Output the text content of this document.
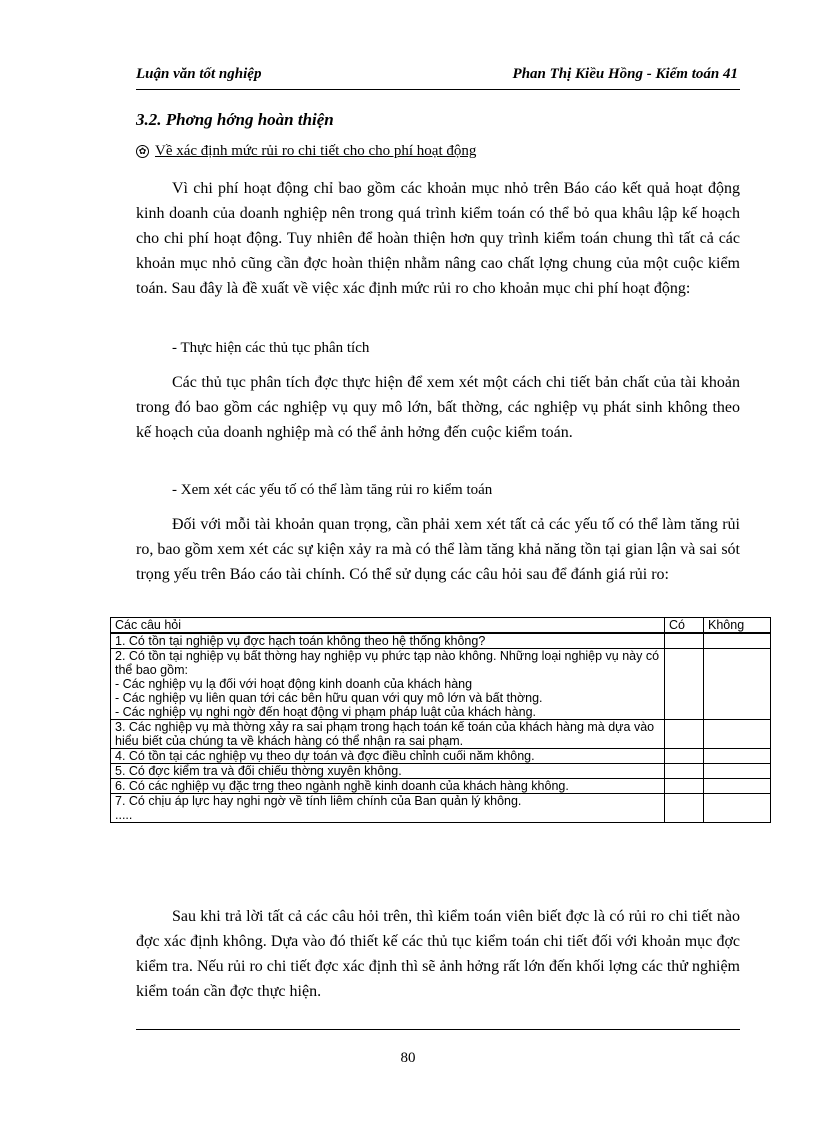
Luận văn tốt nghiệp	Phan Thị Kiều Hồng - Kiểm toán 41
3.2. Phơng hớng hoàn thiện
✿ Về xác định mức rủi ro chi tiết cho cho phí hoạt động

Vì chi phí hoạt động chỉ bao gồm các khoản mục nhỏ trên Báo cáo kết quả hoạt động kinh doanh của doanh nghiệp nên trong quá trình kiểm toán có thể bỏ qua khâu lập kế hoạch cho chi phí hoạt động. Tuy nhiên để hoàn thiện hơn quy trình kiểm toán chung thì tất cả các khoản mục nhỏ cũng cần đợc hoàn thiện nhằm nâng cao chất lợng chung của một cuộc kiểm toán. Sau đây là đề xuất về việc xác định mức rủi ro cho khoản mục chi phí hoạt động:

- Thực hiện các thủ tục phân tích

Các thủ tục phân tích đợc thực hiện để xem xét một cách chi tiết bản chất của tài khoản trong đó bao gồm các nghiệp vụ quy mô lớn, bất thờng, các nghiệp vụ phát sinh không theo kế hoạch của doanh nghiệp mà có thể ảnh hởng đến cuộc kiểm toán.

- Xem xét các yếu tố có thể làm tăng rủi ro kiểm toán

Đối với mỗi tài khoản quan trọng, cần phải xem xét tất cả các yếu tố có thể làm tăng rủi ro, bao gồm xem xét các sự kiện xảy ra mà có thể làm tăng khả năng tồn tại gian lận và sai sót trọng yếu trên Báo cáo tài chính. Có thể sử dụng các câu hỏi sau để đánh giá rủi ro:

Các câu hỏi	Có	Không

1. Có tồn tại nghiệp vụ đợc hạch toán không theo hệ thống không?		

2. Có tồn tại nghiệp vụ bất thờng hay nghiệp vụ phức tạp nào không. Những loại nghiệp vụ này có thể bao gồm:
- Các nghiệp vụ lạ đối với hoạt động kinh doanh của khách hàng
- Các nghiệp vụ liên quan tới các bên hữu quan với quy mô lớn và bất thờng.
- Các nghiệp vụ nghi ngờ đến hoạt động vi phạm pháp luật của khách hàng.		

3. Các nghiệp vụ mà thờng xảy ra sai phạm trong hạch toán kế toán của khách hàng mà dựa vào hiểu biết của chúng ta về khách hàng có thể nhận ra sai phạm.		

4. Có tồn tại các nghiệp vụ theo dự toán và đợc điều chỉnh cuối năm không.		

5. Có đợc kiểm tra và đối chiếu thờng xuyên không.		

6. Có các nghiệp vụ đặc trng theo ngành nghề kinh doanh của khách hàng không.		

7. Có chịu áp lực hay nghi ngờ về tính liêm chính của Ban quản lý không.
.....		

Sau khi trả lời tất cả các câu hỏi trên, thì kiểm toán viên biết đợc là có rủi ro chi tiết nào đợc xác định không. Dựa vào đó thiết kế các thủ tục kiểm toán chi tiết đối với khoản mục đợc kiểm tra. Nếu rủi ro chi tiết đợc xác định thì sẽ ảnh hởng rất lớn đến khối lợng các thử nghiệm kiểm toán cần đợc thực hiện.

80
